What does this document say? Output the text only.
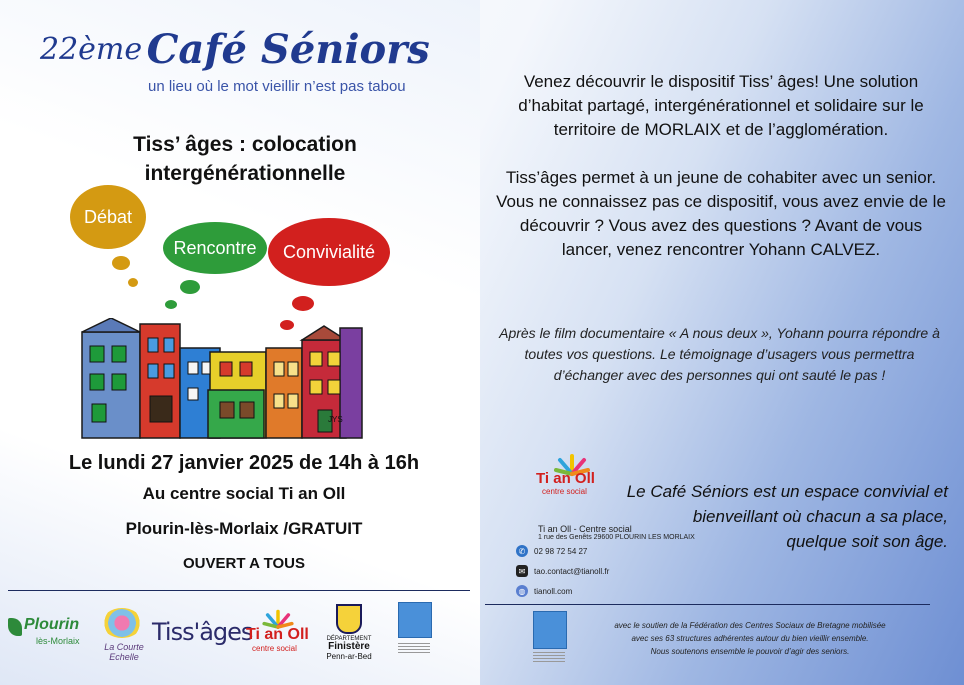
22ème Café Séniors
un lieu où le mot vieillir n’est pas tabou
Tiss’ âges : colocation
intergénérationnelle
Débat
Rencontre Convivialité
JYS
Le lundi 27 janvier 2025 de 14h à 16h
Au centre social Ti an Oll
Plourin-lès-Morlaix /GRATUIT
OUVERT A TOUS

Venez découvrir le dispositif Tiss’ âges! Une solution d’habitat partagé, intergénérationnel et solidaire sur le territoire de MORLAIX et de l’agglomération.

Tiss’âges permet à un jeune de cohabiter avec un senior. Vous ne connaissez pas ce dispositif, vous avez envie de le découvrir ? Vous avez des questions ? Avant de vous lancer, venez rencontrer Yohann CALVEZ.

Après le film documentaire « A nous deux », Yohann pourra répondre à toutes vos questions. Le témoignage d’usagers vous permettra d’échanger avec des personnes qui ont sauté le pas !
Ti an Oll
centre social	Le Café Séniors est un espace convivial et
bienveillant où chacun a sa place,
quelque soit son âge.
Ti an Oll - Centre social
1 rue des Genêts 29600 PLOURIN LES MORLAIX
✆	02 98 72 54 27
✉	tao.contact@tianoll.fr
◍	tianoll.com
avec le soutien de la Fédération des Centres Sociaux de Bretagne mobilisée
avec ses 63 structures adhérentes autour du bien vieillir ensemble.
Nous soutenons ensemble le pouvoir d’agir des seniors.
Plourin
lès-Morlaix
La Courte Echelle
Tiss'âges
Ti an Oll
centre social
DÉPARTEMENT
Finistère
Penn-ar-Bed
